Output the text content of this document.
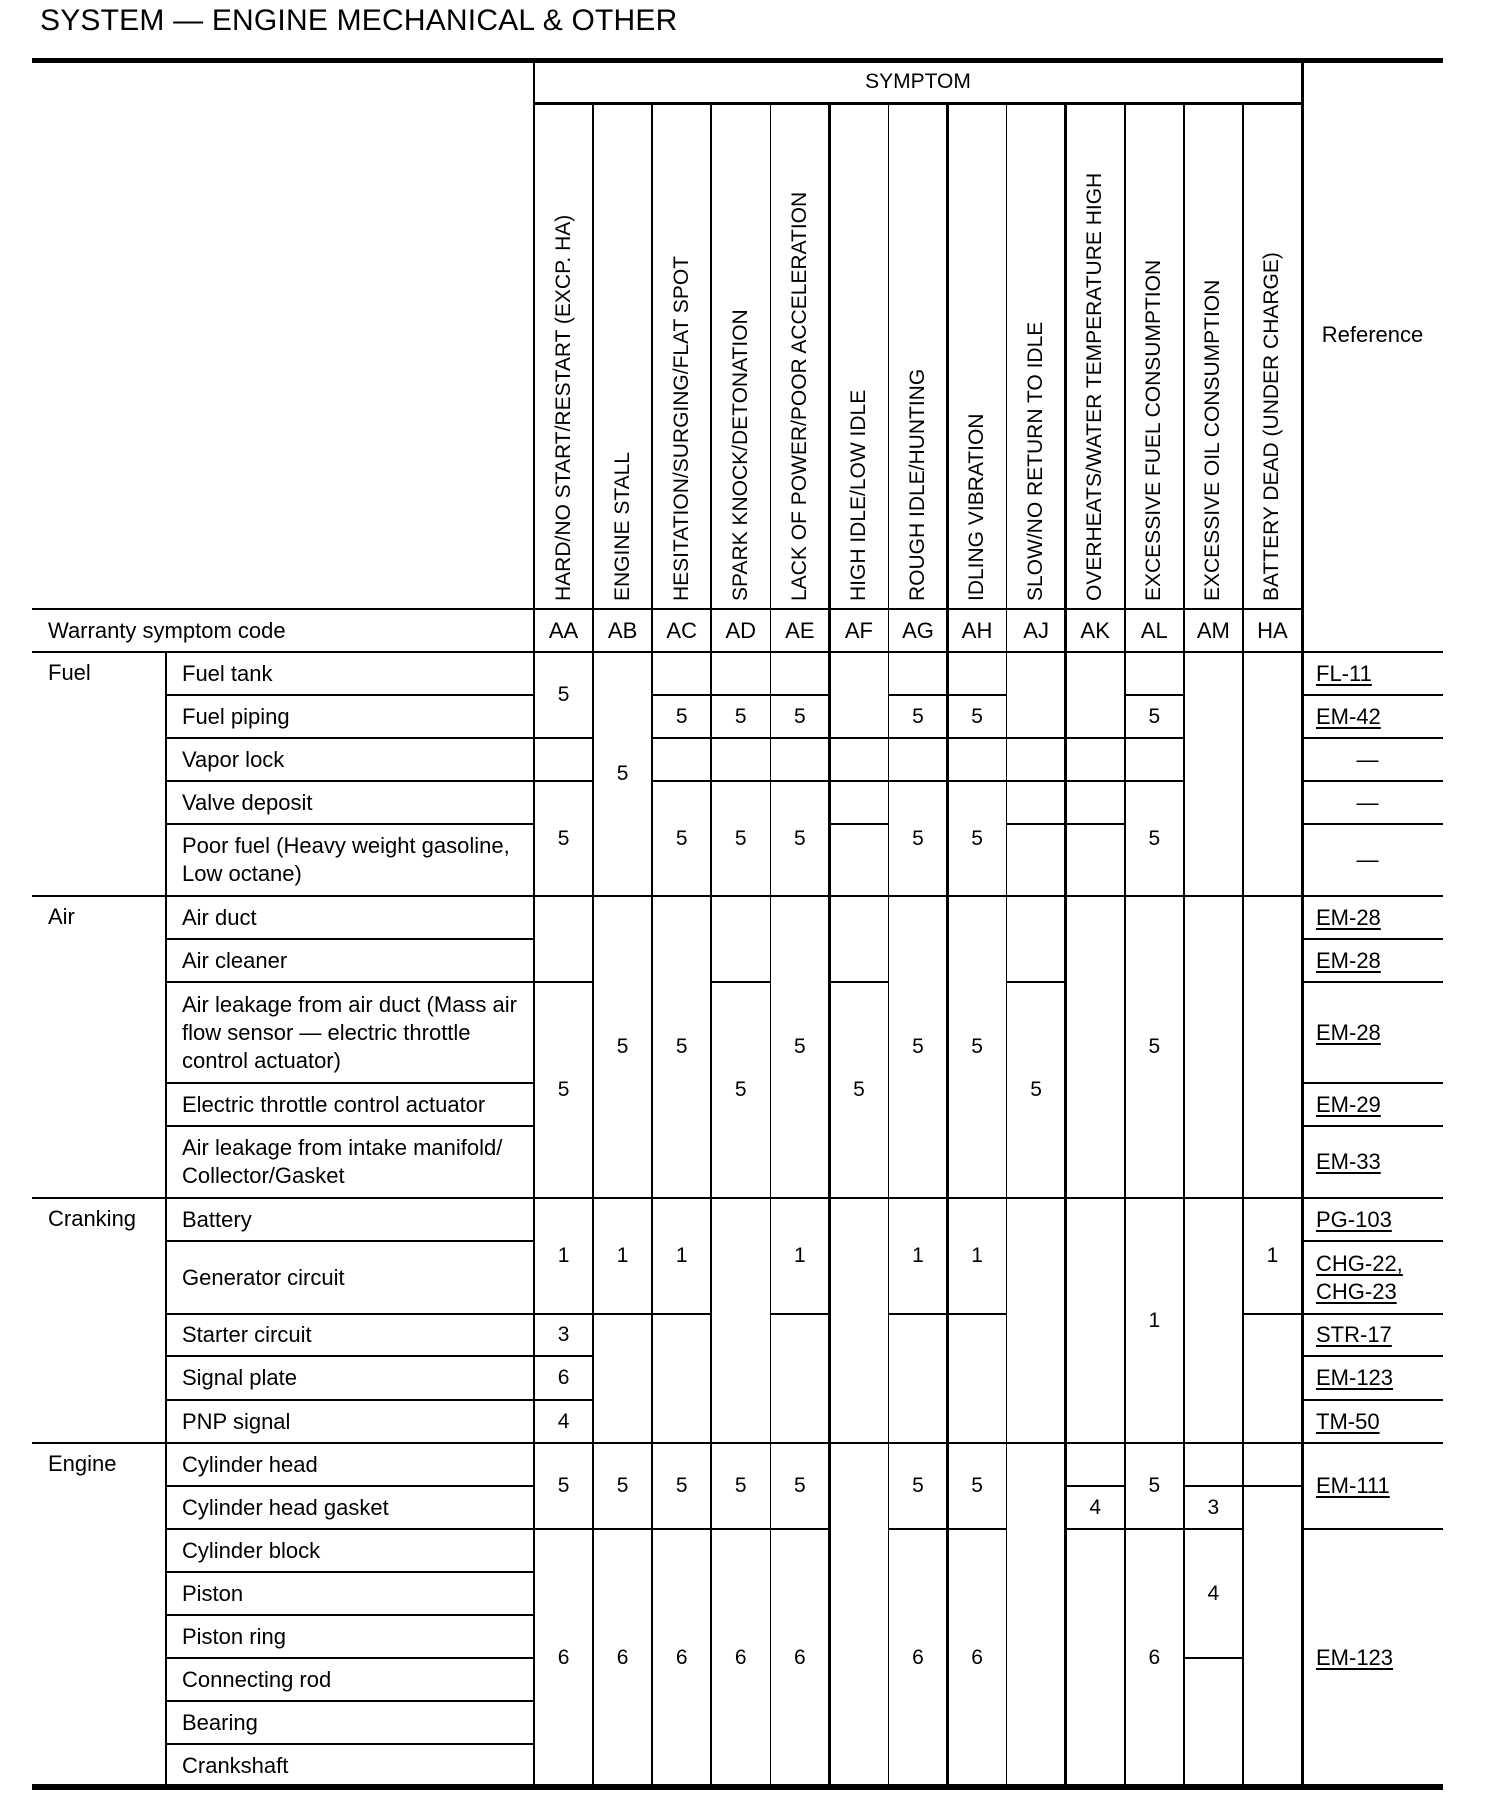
SYSTEM — ENGINE MECHANICAL & OTHER
SYMPTOM
Reference
Warranty symptom code
HARD/NO START/RESTART (EXCP. HA)
AA
ENGINE STALL
AB
HESITATION/SURGING/FLAT SPOT
AC
SPARK KNOCK/DETONATION
AD
LACK OF POWER/POOR ACCELERATION
AE
HIGH IDLE/LOW IDLE
AF
ROUGH IDLE/HUNTING
AG
IDLING VIBRATION
AH
SLOW/NO RETURN TO IDLE
AJ
OVERHEATS/WATER TEMPERATURE HIGH
AK
EXCESSIVE FUEL CONSUMPTION
AL
EXCESSIVE OIL CONSUMPTION
AM
BATTERY DEAD (UNDER CHARGE)
HA
Fuel
Air
Cranking
Engine
Fuel tank
Fuel piping
Vapor lock
Valve deposit
Poor fuel (Heavy weight gasoline, Low octane)
Air duct
Air cleaner
Air leakage from air duct (Mass air flow sensor — electric throttle control actuator)
Electric throttle control actuator
Air leakage from intake manifold/ Collector/Gasket
Battery
Generator circuit
Starter circuit
Signal plate
PNP signal
Cylinder head
Cylinder head gasket
Cylinder block
Piston
Piston ring
Connecting rod
Bearing
Crankshaft
5
5
5
1
3
6
4
5
6
5
5
1
5
6
5
5
5
1
5
6
5
5
5
5
6
5
5
5
1
5
6
5
5
5
5
1
5
6
5
5
5
1
5
6
5
4
5
5
5
1
5
6
3
4
1
FL-11
EM-42
—
—
—
EM-28
EM-28
EM-28
EM-29
EM-33
PG-103
CHG-22,
CHG-23
STR-17
EM-123
TM-50
EM-111
EM-123
